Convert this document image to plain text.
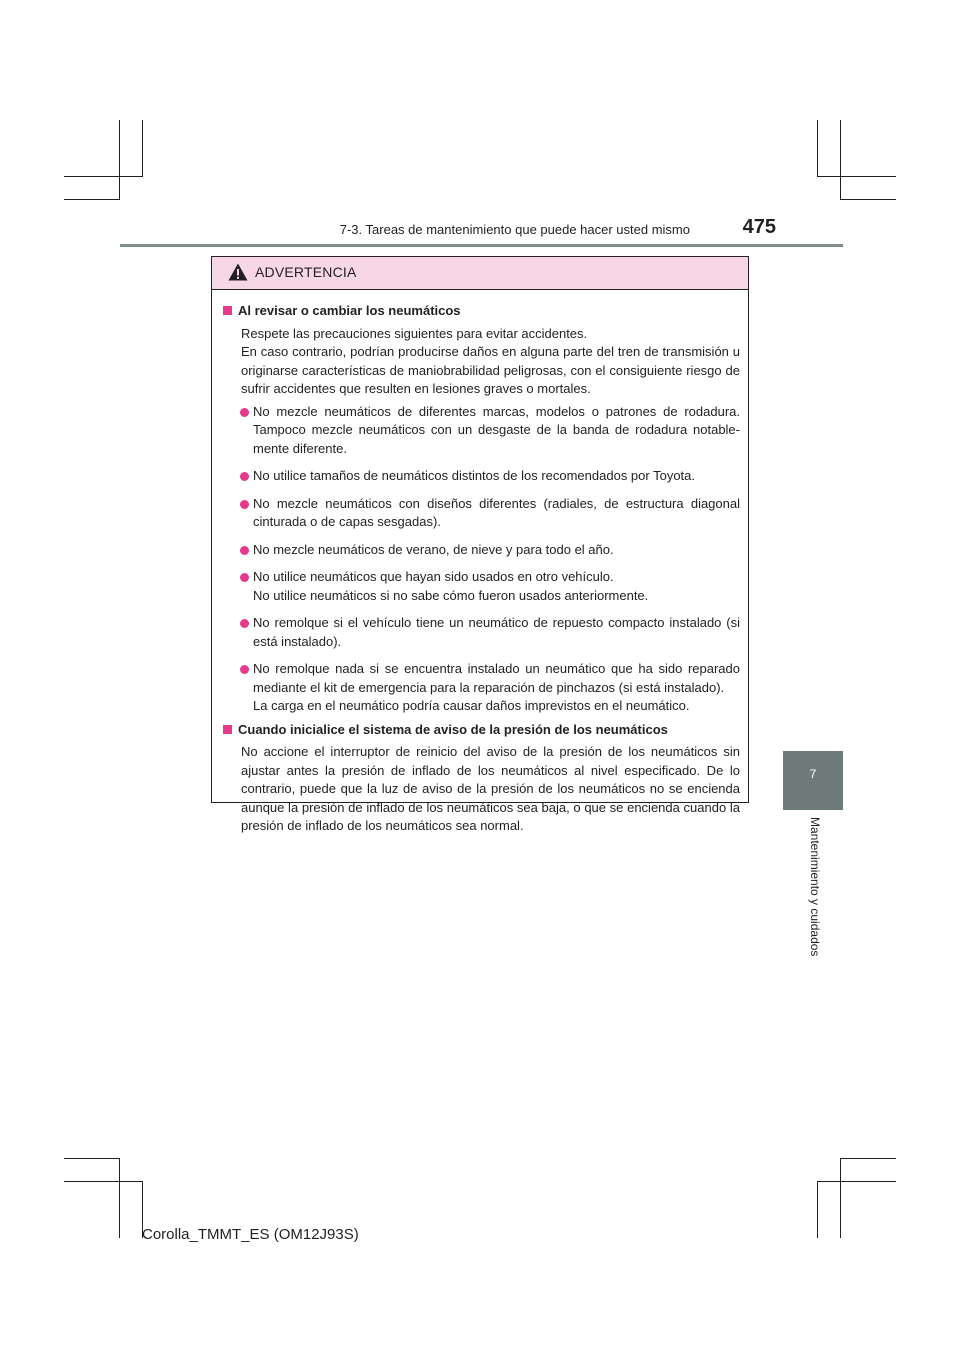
7-3. Tareas de mantenimiento que puede hacer usted mismo	475
7
Mantenimiento y cuidados
ADVERTENCIA
Al revisar o cambiar los neumáticos
Respete las precauciones siguientes para evitar accidentes.
En caso contrario, podrían producirse daños en alguna parte del tren de transmisión u originarse características de maniobrabilidad peligrosas, con el consiguiente riesgo de sufrir accidentes que resulten en lesiones graves o mortales.
No mezcle neumáticos de diferentes marcas, modelos o patrones de rodadura. Tampoco mezcle neumáticos con un desgaste de la banda de rodadura notable-mente diferente.
No utilice tamaños de neumáticos distintos de los recomendados por Toyota.
No mezcle neumáticos con diseños diferentes (radiales, de estructura diagonal cinturada o de capas sesgadas).
No mezcle neumáticos de verano, de nieve y para todo el año.
No utilice neumáticos que hayan sido usados en otro vehículo.
No utilice neumáticos si no sabe cómo fueron usados anteriormente.
No remolque si el vehículo tiene un neumático de repuesto compacto instalado (si está instalado).
No remolque nada si se encuentra instalado un neumático que ha sido reparado mediante el kit de emergencia para la reparación de pinchazos (si está instalado).
La carga en el neumático podría causar daños imprevistos en el neumático.
Cuando inicialice el sistema de aviso de la presión de los neumáticos
No accione el interruptor de reinicio del aviso de la presión de los neumáticos sin ajustar antes la presión de inflado de los neumáticos al nivel especificado. De lo contrario, puede que la luz de aviso de la presión de los neumáticos no se encienda aunque la presión de inflado de los neumáticos sea baja, o que se encienda cuando la presión de inflado de los neumáticos sea normal.
Corolla_TMMT_ES (OM12J93S)
